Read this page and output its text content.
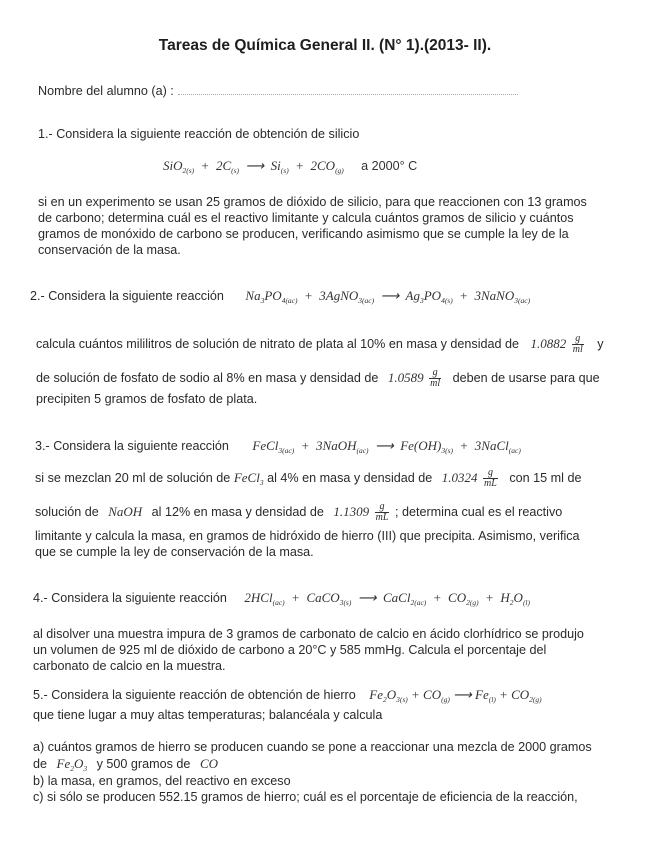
Tareas de Química General II. (N° 1).(2013- II).
Nombre del alumno (a) :
1.- Considera la siguiente reacción de obtención de silicio
$SiO_{2(s)} + 2C_{(s)}$  ⟶  $Si_{(s)} + 2CO_{(g)}$ a 2000° C
si en un experimento se usan 25 gramos de dióxido de silicio, para que reaccionen con 13 gramos
de carbono; determina cuál es el reactivo limitante y calcula cuántos gramos de silicio y cuántos
gramos de monóxido de carbono se producen, verificando asimismo que se cumple la ley de la
conservación de la masa.
2.- Considera la siguiente reacción $Na_3PO_{4(ac)}$  +  3AgNO$_{3(ac)}$  ⟶  $Ag_3PO_{4(s)}$  +  3NaNO$_{3(ac)}$
calcula cuántos mililitros de solución de nitrato de plata al 10% en masa y densidad de $1.0882 \frac{g}{ml}$ y
de solución de fosfato de sodio al 8% en masa y densidad de $1.0589 \frac{g}{ml}$ deben de usarse para que
precipiten 5 gramos de fosfato de plata.
3.- Considera la siguiente reacción FeCl$_{3(ac)}$  +  3NaOH$_{(ac)}$  ⟶  $Fe(OH)_{3(s)}$  +  3NaCl$_{(ac)}$
si se mezclan 20 ml de solución de FeCl$_3$ al 4% en masa y densidad de $1.0324 \frac{g}{mL}$ con 15 ml de
solución de NaOH al 12% en masa y densidad de $1.1309 \frac{g}{mL}$ ; determina cual es el reactivo
limitante y calcula la masa, en gramos de hidróxido de hierro (III) que precipita. Asimismo, verifica
que se cumple la ley de conservación de la masa.
4.- Considera la siguiente reacción 2HCl$_{(ac)}$  +  CaCO$_{3(s)}$  ⟶  CaCl$_{2(ac)}$  +  $CO_{2(g)} + H_2O_{(l)}$
al disolver una muestra impura de 3 gramos de carbonato de calcio en ácido clorhídrico se produjo
un volumen de 925 ml de dióxido de carbono a 20°C y 585 mmHg. Calcula el porcentaje del
carbonato de calcio en la muestra.
5.- Considera la siguiente reacción de obtención de hierro $Fe_2O_{3(s)} + CO_{(g)}$ ⟶ $Fe_{(l)} + CO_{2(g)}$
que tiene lugar a muy altas temperaturas; balancéala y calcula
a) cuántos gramos de hierro se producen cuando se pone a reaccionar una mezcla de 2000 gramos
de $Fe_2O_3$ y 500 gramos de CO
b) la masa, en gramos, del reactivo en exceso
c) si sólo se producen 552.15 gramos de hierro; cuál es el porcentaje de eficiencia de la reacción,
